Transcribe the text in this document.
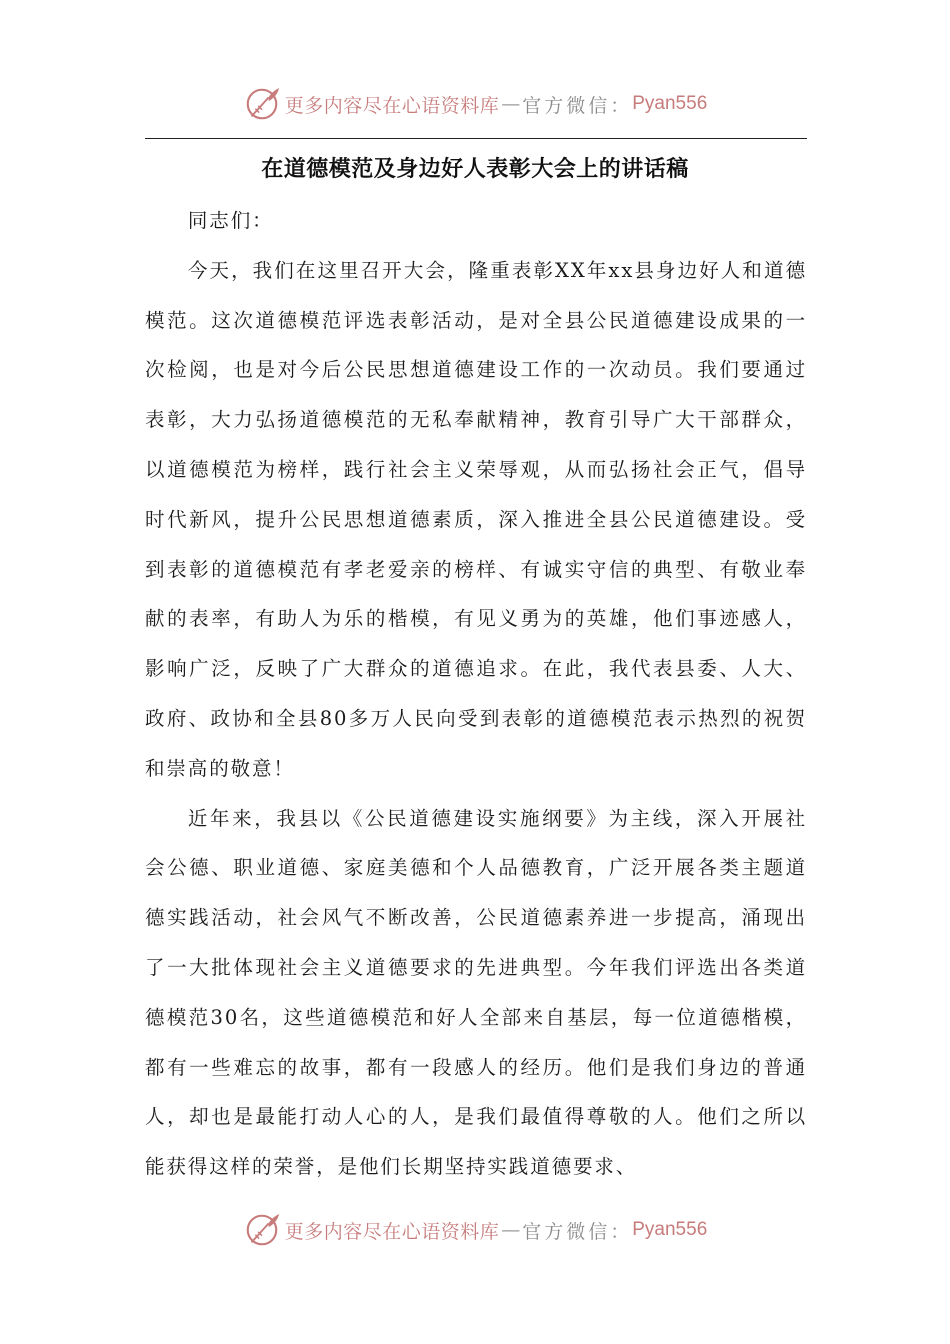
更多内容尽在心语资料库 — 官方微信： Pyan556
在道德模范及身边好人表彰大会上的讲话稿

同志们：

今天，我们在这里召开大会，隆重表彰XX年xx县身边好人和道德模范。这次道德模范评选表彰活动，是对全县公民道德建设成果的一次检阅，也是对今后公民思想道德建设工作的一次动员。我们要通过表彰，大力弘扬道德模范的无私奉献精神，教育引导广大干部群众，以道德模范为榜样，践行社会主义荣辱观，从而弘扬社会正气，倡导时代新风，提升公民思想道德素质，深入推进全县公民道德建设。受到表彰的道德模范有孝老爱亲的榜样、有诚实守信的典型、有敬业奉献的表率，有助人为乐的楷模，有见义勇为的英雄，他们事迹感人，影响广泛，反映了广大群众的道德追求。在此，我代表县委、人大、政府、政协和全县80多万人民向受到表彰的道德模范表示热烈的祝贺和崇高的敬意！

近年来，我县以《公民道德建设实施纲要》为主线，深入开展社会公德、职业道德、家庭美德和个人品德教育，广泛开展各类主题道德实践活动，社会风气不断改善，公民道德素养进一步提高，涌现出了一大批体现社会主义道德要求的先进典型。今年我们评选出各类道德模范30名，这些道德模范和好人全部来自基层，每一位道德楷模，都有一些难忘的故事，都有一段感人的经历。他们是我们身边的普通人，却也是最能打动人心的人，是我们最值得尊敬的人。他们之所以能获得这样的荣誉，是他们长期坚持实践道德要求、

更多内容尽在心语资料库 — 官方微信： Pyan556
